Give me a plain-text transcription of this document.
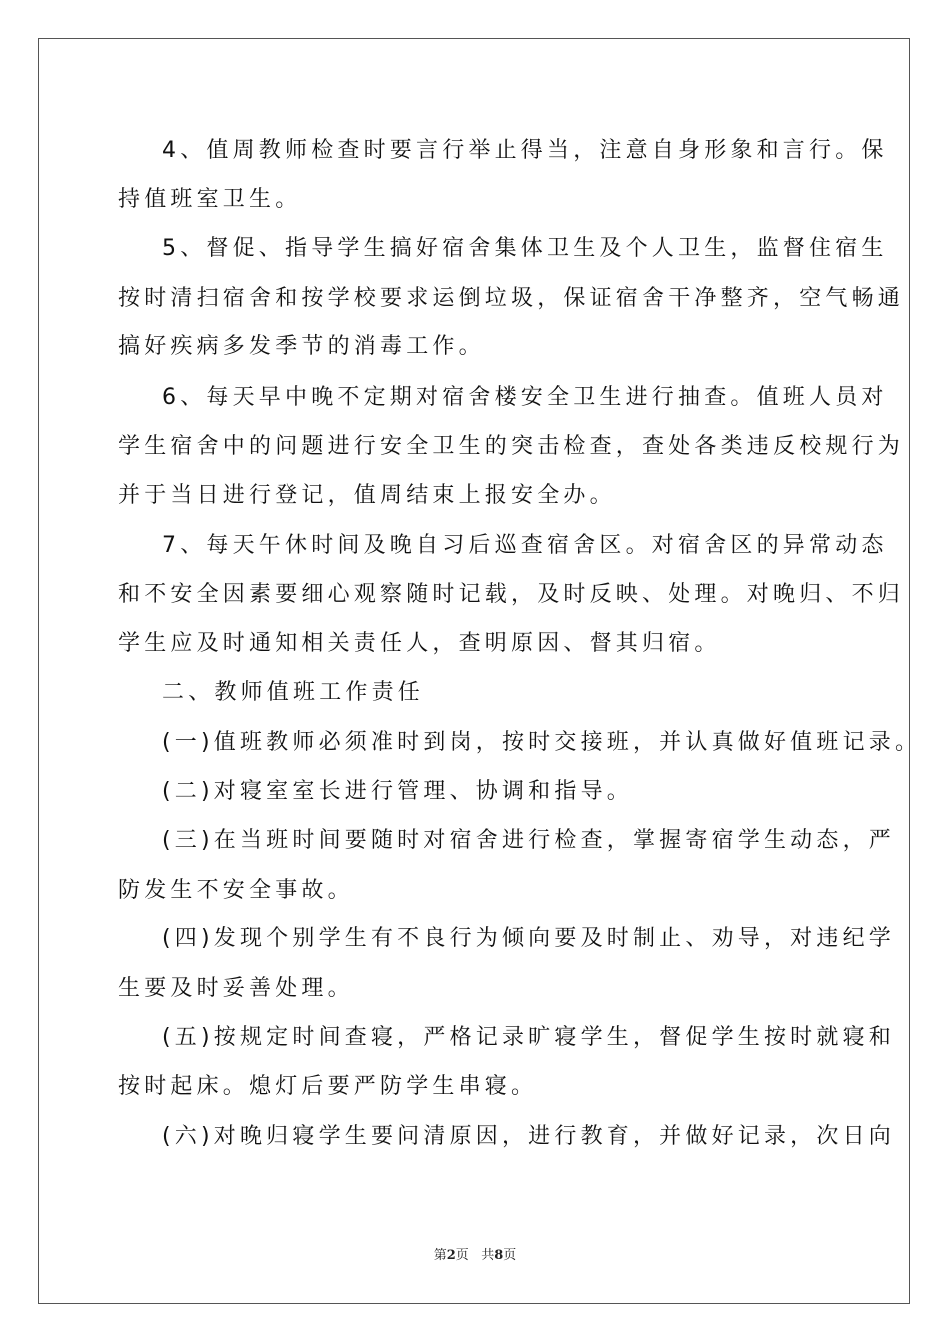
4、值周教师检查时要言行举止得当，注意自身形象和言行。保
持值班室卫生。
5、督促、指导学生搞好宿舍集体卫生及个人卫生，监督住宿生
按时清扫宿舍和按学校要求运倒垃圾，保证宿舍干净整齐，空气畅通
搞好疾病多发季节的消毒工作。
6、每天早中晚不定期对宿舍楼安全卫生进行抽查。值班人员对
学生宿舍中的问题进行安全卫生的突击检查，查处各类违反校规行为
并于当日进行登记，值周结束上报安全办。
7、每天午休时间及晚自习后巡查宿舍区。对宿舍区的异常动态
和不安全因素要细心观察随时记载，及时反映、处理。对晚归、不归
学生应及时通知相关责任人，查明原因、督其归宿。
二、教师值班工作责任
(一)值班教师必须准时到岗，按时交接班，并认真做好值班记录。
(二)对寝室室长进行管理、协调和指导。
(三)在当班时间要随时对宿舍进行检查，掌握寄宿学生动态，严
防发生不安全事故。
(四)发现个别学生有不良行为倾向要及时制止、劝导，对违纪学
生要及时妥善处理。
(五)按规定时间查寝，严格记录旷寝学生，督促学生按时就寝和
按时起床。熄灯后要严防学生串寝。
(六)对晚归寝学生要问清原因，进行教育，并做好记录，次日向
第2页 共8页
